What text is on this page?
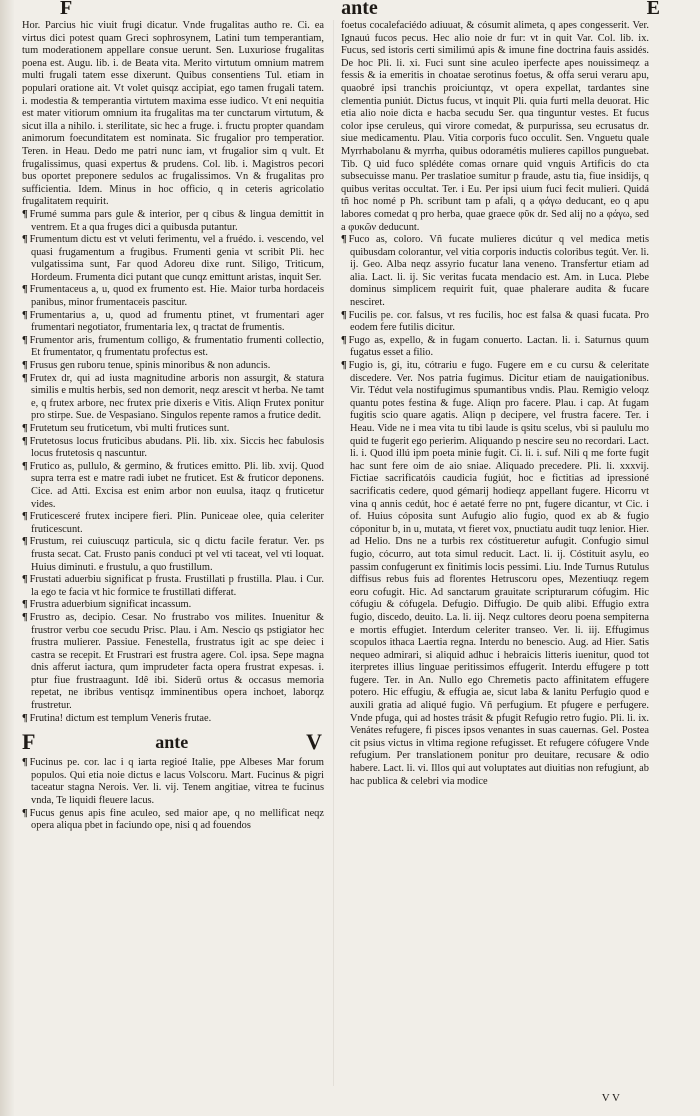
F	ante	E

Hor. Parcius hic viuit frugi dicatur. Vnde frugalitas autho re. Ci. ea virtus dici potest quam Greci sophrosynem, Latini tum temperantiam, tum moderationem appellare consue uerunt. Sen. Luxuriose frugalitas poena est. Augu. lib. i. de Beata vita. Merito virtutum omnium matrem multi frugali tatem esse dixerunt. Quibus consentiens Tul. etiam in populari oratione ait. Vt volet quisqz accipiat, ego tamen frugali tatem. i. modestia & temperantia virtutem maxima esse iudico. Vt eni nequitia est mater vitiorum omnium ita frugalitas ma ter cunctarum virtutum, & sicut illa a nihilo. i. sterilitate, sic hec a fruge. i. fructu propter quandam animorum foecunditatem est nominata. Sic frugalior pro temperatior. Teren. in Heau. Dedo me patri nunc iam, vt frugalior sim q vult. Et frugalissimus, quasi expertus & prudens. Col. lib. i. Magistros pecori bus oportet preponere sedulos ac frugalissimos. Vn & frugalitas pro sufficientia. Idem. Minus in hoc officio, q in ceteris agricolatio frugalitatem requirit.

¶ Frumé summa pars gule & interior, per q cibus & lingua demittit in ventrem. Et a qua fruges dici a quibusda putantur.

¶ Frumentum dictu est vt veluti ferimentu, vel a fruédo. i. vescendo, vel quasi frugamentum a frugibus. Frumenti genia vt scribit Pli. hec vulgatissima sunt, Far quod Adoreu dixe runt. Siligo, Triticum, Hordeum. Frumenta dici putant que cunqz emittunt aristas, inquit Ser.

¶ Frumentaceus a, u, quod ex frumento est. Hie. Maior turba hordaceis panibus, minor frumentaceis pascitur.

¶ Frumentarius a, u, quod ad frumentu ptinet, vt frumentari ager frumentari negotiator, frumentaria lex, q tractat de frumentis.

¶ Frumentor aris, frumentum colligo, & frumentatio frumenti collectio, Et frumentator, q frumentatu profectus est.

¶ Frusus gen ruboru tenue, spinis minoribus & non aduncis.

¶ Frutex dr, qui ad iusta magnitudine arboris non assurgit, & statura similis e multis herbis, sed non demorit, neqz arescit vt herba. Ne tamt e, q frutex arbore, nec frutex prie dixeris e Vitis. Aliqn Frutex ponitur pro stirpe. Sue. de Vespasiano. Singulos repente ramos a frutice dedit.

¶ Frutetum seu fruticetum, vbi multi frutices sunt.

¶ Frutetosus locus fruticibus abudans. Pli. lib. xix. Siccis hec fabulosis locus frutetosis q nascuntur.

¶ Frutico as, pullulo, & germino, & frutices emitto. Pli. lib. xvij. Quod supra terra est e matre radi iubet ne fruticet. Est & fruticor deponens. Cice. ad Atti. Excisa est enim arbor non euulsa, itaqz q fruticetur vides.

¶ Fruticesceré frutex incipere fieri. Plin. Puniceae olee, quia celeriter fruticescunt.

¶ Frustum, rei cuiuscuqz particula, sic q dictu facile feratur. Ver. ps frusta secat. Cat. Frusto panis conduci pt vel vti taceat, vel vti loquat. Huius diminuti. e frustulu, a quo frustillum.

¶ Frustati aduerbiu significat p frusta. Frustillati p frustilla. Plau. i Cur. la ego te facia vt hic formice te frustillati differat.

¶ Frustra aduerbium significat incassum.

¶ Frustro as, decipio. Cesar. No frustrabo vos milites. Inuenitur & frustror verbu coe secudu Prisc. Plau. i Am. Nescio qs pstigiator hec frustra mulierer. Passiue. Fenestella, frustratus igit ac spe deiec i castra se recepit. Et Frustrari est frustra agere. Col. ipsa. Sepe magna dnis afferut iactura, qum imprudeter facta opera frustrat expesas. i. ptur fiue frustraagunt. Idê ibi. Siderū ortus & occasus memoria repetat, ne ibribus ventisqz imminentibus opera inchoet, laborqz frustretur.

¶ Frutina! dictum est templum Veneris frutae.

F	ante	V

¶ Fucinus pe. cor. lac i q iarta regioé Italie, ppe Albeses Mar forum populos. Qui etia noie dictus e lacus Volscoru. Mart. Fucinus & pigri taceatur stagna Nerois. Ver. li. vij. Tenem angitiae, vitrea te fucinus vnda, Te liquidi fleuere lacus.

¶ Fucus genus apis fine aculeo, sed maior ape, q no mellificat neqz opera aliqua pbet in faciundo ope, nisi q ad fouendos

foetus cocalefaciédo adiuuat, & cósumit alimeta, q apes congesserit. Ver. Ignauú fucos pecus. Hec alio noie dr fur: vt in quit Var. Col. lib. ix. Fucus, sed istoris certi similimú apis & imune fine doctrina fauis assidés. De hoc Pli. li. xi. Fuci sunt sine aculeo iperfecte apes nouissimeqz a fessis & ia emeritis in choatae serotinus foetus, & offa serui veraru apu, quaobré ipsi tranchis proiciuntqz, vt opera expellat, tardantes sine clementia puniút. Dictus fucus, vt inquit Pli. quia furti mella deuorat. Hic etia alio noie dicta e hacba secudu Ser. qua tinguntur vestes. Et fucus color ipse ceruleus, qui virore comedat, & purpurissa, seu ecrusatus dr. siue medicamentu. Plau. Vitia corporis fuco occulit. Sen. Vnguetu quale Myrrhabolanu & myrrha, quibus odoramétis mulieres capillos punguebat. Tib. Q uid fuco splédéte comas ornare quid vnguis Artificis do cta subsecuisse manu. Per traslatioe sumitur p fraude, astu tia, fiue insidijs, q quibus veritas occultat. Ter. i Eu. Per ipsi uium fuci fecit mulieri. Quidá tñ hoc nomé p Ph. scribunt tam p afali, q a φάγω deducant, eo q apu labores comedat q pro herba, quae graece φῦκ dr. Sed alij no a φάγω, sed a φυκῶν deducunt.

¶ Fuco as, coloro. Vñ fucate mulieres dicútur q vel medica metis quibusdam colorantur, vel vitia corporis inductis coloribus tegút. Ver. li. ij. Geo. Alba neqz assyrio fucatur lana veneno. Transfertur etiam ad alia. Lact. li. ij. Sic veritas fucata mendacio est. Am. in Luca. Plebe dominus simplicem requirit fuit, quae phalerare audita & fucare nesciret.

¶ Fucilis pe. cor. falsus, vt res fucilis, hoc est falsa & quasi fucata. Pro eodem fere futilis dicitur.

¶ Fugo as, expello, & in fugam conuerto. Lactan. li. i. Saturnus quum fugatus esset a filio.

¶ Fugio is, gi, itu, cótrariu e fugo. Fugere em e cu cursu & celeritate discedere. Ver. Nos patria fugimus. Dicitur etiam de nauigationibus. Vir. Tédut vela nostifugimus spumantibus vndis. Plau. Remigio veloqz quantu potes festina & fuge. Aliqn pro facere. Plau. i cap. At fugam fugitis scio quare agatis. Aliqn p decipere, vel frustra facere. Ter. i Heau. Vide ne i mea vita tu tibi laude is qsitu scelus, vbi si paululu mo quid te fugerit ego perierim. Aliquando p nescire seu no recordari. Lact. li. i. Quod illú ipm poeta minie fugit. Ci. li. i. suf. Nili q me forte fugit hac sunt fere oim de aio sniae. Aliquado precedere. Pli. li. xxxvij. Fictiae sacrificatóis caudicia fugiút, hoc e fictitias ad ipressioné sacrificatis cedere, quod gémarij hodieqz appellant fugere. Hicorru vt vina q annis cedút, hoc é aetaté ferre no pnt, fugere dicantur, vt Cic. i of. Huius cóposita sunt Aufugio alio fugio, quod ex ab & fugio cóponitur b, in u, mutata, vt fieret vox, pnuctiatu audit tuqz lenior. Hier. ad Helio. Dns ne a turbis rex cóstitueretur aufugit. Confugio simul fugio, cócurro, aut tota simul reducit. Lact. li. ij. Cóstituit asylu, eo passim confugerunt ex finitimis locis pessimi. Liu. Inde Turnus Rutulus diffisus rebus fuis ad florentes Hetruscoru opes, Mezentiuqz regem eoru cofugit. Hic. Ad sanctarum grauitate scripturarum cófugim. Hic cófugiu & cófugela. Defugio. Diffugio. De quib alibi. Effugio extra fugio, discedo, deuito. La. li. iij. Neqz cultores deoru poena sempiterna e mortis effugiet. Interdum celeriter transeo. Ver. li. iij. Effugimus scopulos ithaca Laertia regna. Interdu no benescio. Aug. ad Hier. Satis nequeo admirari, si aliquid adhuc i hebraicis litteris iuenitur, quod tot iterpretes illius linguae peritissimos effugerit. Interdu effugere p tott fugere. Ter. in An. Nullo ego Chremetis pacto affinitatem effugere potero. Hic effugiu, & effugia ae, sicut laba & lanitu Perfugio quod e auxili gratia ad aliqué fugio. Vñ perfugium. Et pfugere e perfugere. Vnde pfuga, qui ad hostes trásit & pfugit Refugio retro fugio. Pli. li. ix. Venátes refugere, fi pisces ipsos venantes in suas cauernas. Gel. Postea cit psius victus in vltima regione refugisset. Et refugere cófugere Vnde refugium. Per translationem ponitur pro deuitare, recusare & odio habere. Lact. li. vi. Illos qui aut voluptates aut diuitias non refugiunt, ab hac publica & celebri via modice

V V
